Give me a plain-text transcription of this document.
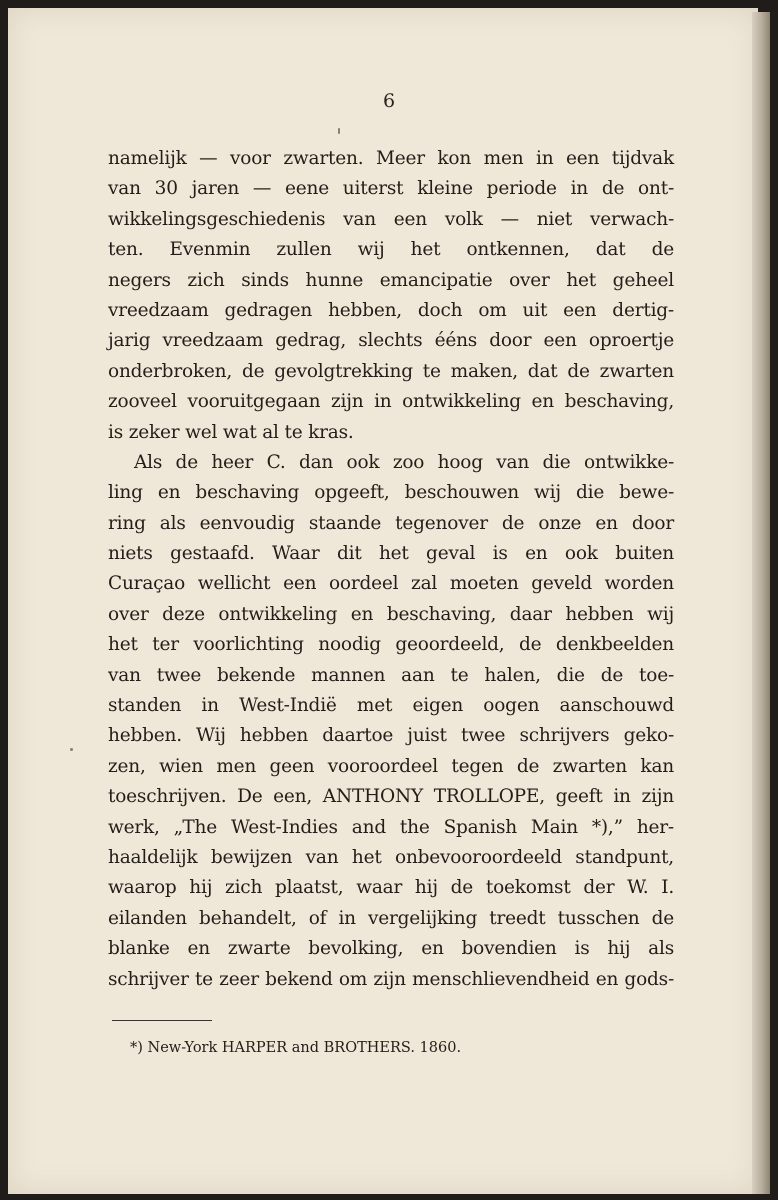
6
namelijk — voor zwarten. Meer kon men in een tijdvak
van 30 jaren — eene uiterst kleine periode in de ont-
wikkelingsgeschiedenis van een volk — niet verwach-
ten. Evenmin zullen wij het ontkennen, dat de
negers zich sinds hunne emancipatie over het geheel
vreedzaam gedragen hebben, doch om uit een dertig-
jarig vreedzaam gedrag, slechts ééns door een oproertje
onderbroken, de gevolgtrekking te maken, dat de zwarten
zooveel vooruitgegaan zijn in ontwikkeling en beschaving,
is zeker wel wat al te kras.
Als de heer C. dan ook zoo hoog van die ontwikke-
ling en beschaving opgeeft, beschouwen wij die bewe-
ring als eenvoudig staande tegenover de onze en door
niets gestaafd. Waar dit het geval is en ook buiten
Curaçao wellicht een oordeel zal moeten geveld worden
over deze ontwikkeling en beschaving, daar hebben wij
het ter voorlichting noodig geoordeeld, de denkbeelden
van twee bekende mannen aan te halen, die de toe-
standen in West-Indië met eigen oogen aanschouwd
hebben. Wij hebben daartoe juist twee schrijvers geko-
zen, wien men geen vooroordeel tegen de zwarten kan
toeschrijven. De een, ANTHONY TROLLOPE, geeft in zijn
werk, „The West-Indies and the Spanish Main *),” her-
haaldelijk bewijzen van het onbevooroordeeld standpunt,
waarop hij zich plaatst, waar hij de toekomst der W. I.
eilanden behandelt, of in vergelijking treedt tusschen de
blanke en zwarte bevolking, en bovendien is hij als
schrijver te zeer bekend om zijn menschlievendheid en gods-
*) New-York HARPER and BROTHERS. 1860.
